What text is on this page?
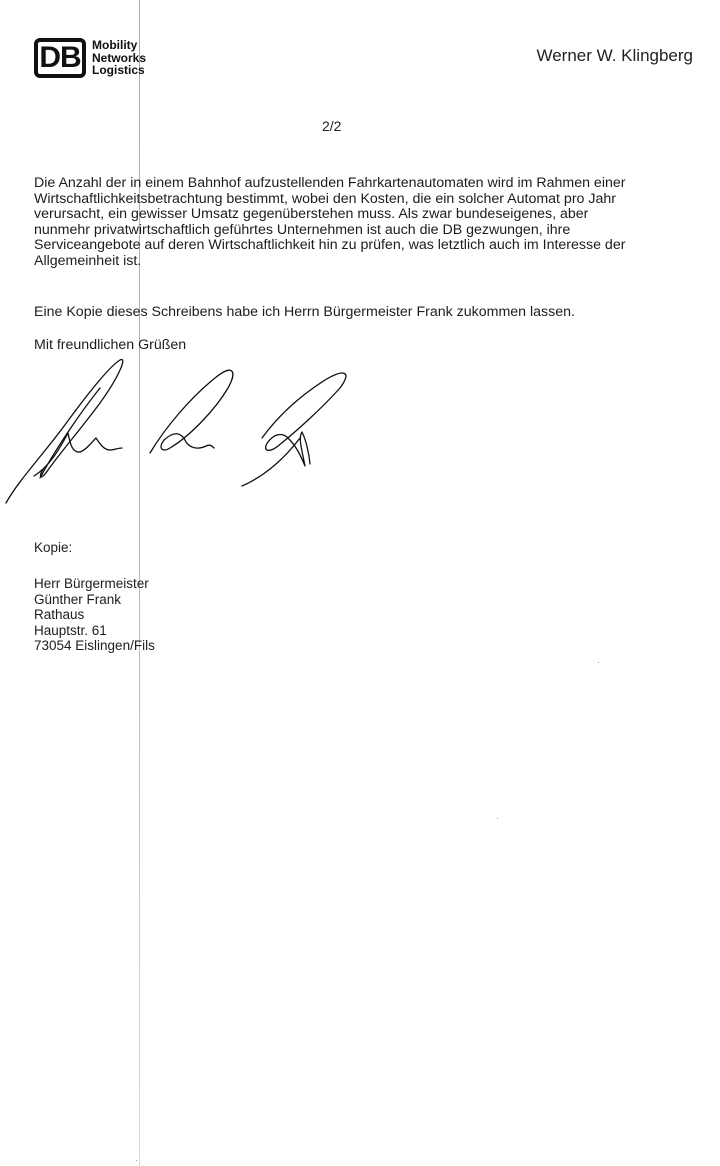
DB Mobility
Networks
Logistics
Werner W. Klingberg
2/2
Die Anzahl der in einem Bahnhof aufzustellenden Fahrkartenautomaten wird im Rahmen einer
Wirtschaftlichkeitsbetrachtung bestimmt, wobei den Kosten, die ein solcher Automat pro Jahr
verursacht, ein gewisser Umsatz gegenüberstehen muss. Als zwar bundeseigenes, aber
nunmehr privatwirtschaftlich geführtes Unternehmen ist auch die DB gezwungen, ihre
Serviceangebote auf deren Wirtschaftlichkeit hin zu prüfen, was letztlich auch im Interesse der
Allgemeinheit ist.
Eine Kopie dieses Schreibens habe ich Herrn Bürgermeister Frank zukommen lassen.
Mit freundlichen Grüßen
Kopie:
Herr Bürgermeister
Günther Frank
Rathaus
Hauptstr. 61
73054 Eislingen/Fils
